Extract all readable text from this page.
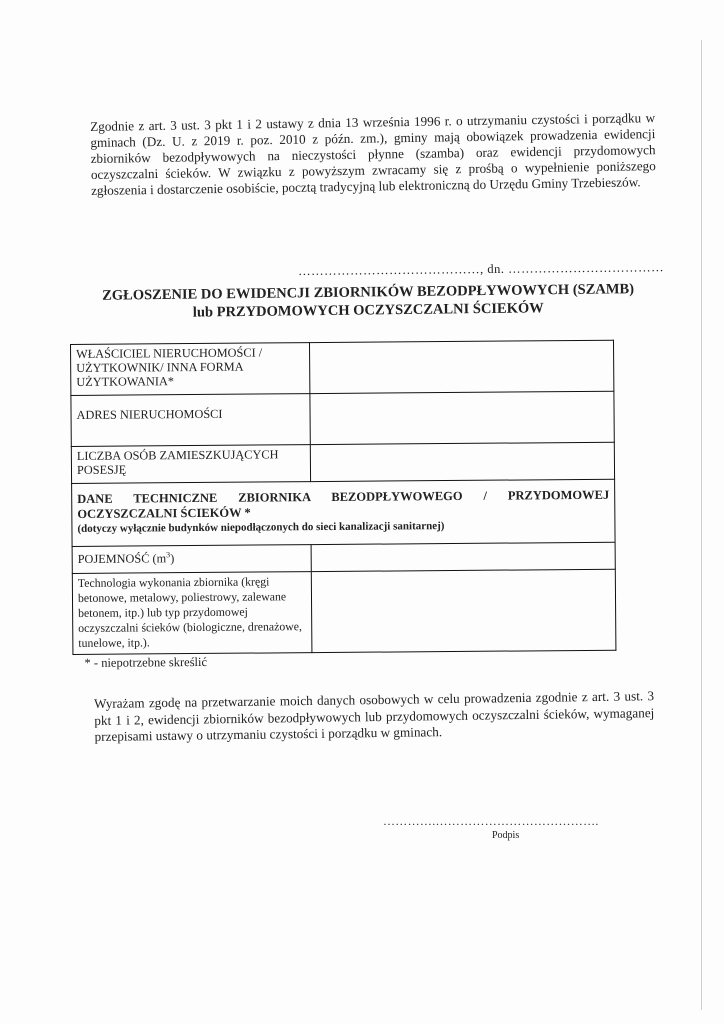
Zgodnie z art. 3 ust. 3 pkt 1 i 2 ustawy z dnia 13 września 1996 r. o utrzymaniu czystości i porządku w gminach (Dz. U. z 2019 r. poz. 2010 z późn. zm.), gminy mają obowiązek prowadzenia ewidencji zbiorników bezodpływowych na nieczystości płynne (szamba) oraz ewidencji przydomowych oczyszczalni ścieków. W związku z powyższym zwracamy się z prośbą o wypełnienie poniższego zgłoszenia i dostarczenie osobiście, pocztą tradycyjną lub elektroniczną do Urzędu Gminy Trzebieszów.

……………………………………, dn. ………………………………
ZGŁOSZENIE DO EWIDENCJI ZBIORNIKÓW BEZODPŁYWOWYCH (SZAMB)
lub PRZYDOMOWYCH OCZYSZCZALNI ŚCIEKÓW
WŁAŚCICIEL NIERUCHOMOŚCI / UŻYTKOWNIK/ INNA FORMA UŻYTKOWANIA*	
ADRES NIERUCHOMOŚCI	
LICZBA OSÓB ZAMIESZKUJĄCYCH POSESJĘ	

DANE TECHNICZNE ZBIORNIKA BEZODPŁYWOWEGO / PRZYDOMOWEJ OCZYSZCZALNI ŚCIEKÓW *
(dotyczy wyłącznie budynków niepodłączonych do sieci kanalizacji sanitarnej)	

POJEMNOŚĆ $(m^3)$	
Technologia wykonania zbiornika (kręgi betonowe, metalowy, poliestrowy, zalewane betonem, itp.) lub typ przydomowej oczyszczalni ścieków (biologiczne, drenażowe, tunelowe, itp.).	
* - niepotrzebne skreślić

Wyrażam zgodę na przetwarzanie moich danych osobowych w celu prowadzenia zgodnie z art. 3 ust. 3 pkt 1 i 2, ewidencji zbiorników bezodpływowych lub przydomowych oczyszczalni ścieków, wymaganej przepisami ustawy o utrzymaniu czystości i porządku w gminach.

………….………………………………….
Podpis
